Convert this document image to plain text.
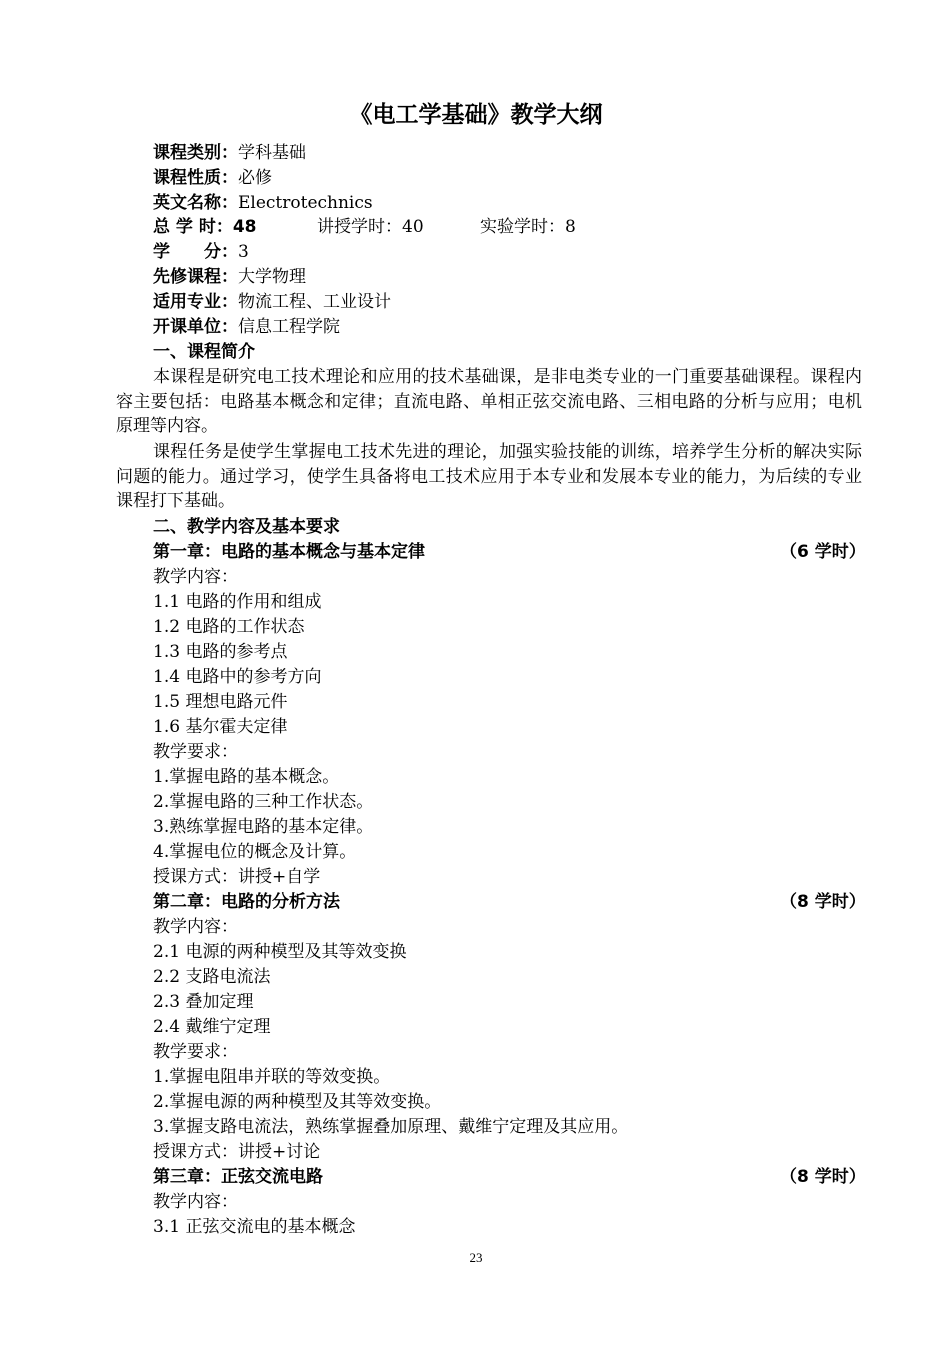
《电工学基础》教学大纲
课程类别：学科基础
课程性质：必修
英文名称：Electrotechnics
总 学 时：48	讲授学时：40	实验学时：8
学　　分：3
先修课程：大学物理
适用专业：物流工程、工业设计
开课单位：信息工程学院
一、课程简介
本课程是研究电工技术理论和应用的技术基础课，是非电类专业的一门重要基础课程。课程内容主要包括：电路基本概念和定律；直流电路、单相正弦交流电路、三相电路的分析与应用；电机原理等内容。
课程任务是使学生掌握电工技术先进的理论，加强实验技能的训练，培养学生分析的解决实际问题的能力。通过学习，使学生具备将电工技术应用于本专业和发展本专业的能力，为后续的专业课程打下基础。
二、教学内容及基本要求
第一章：电路的基本概念与基本定律	（6 学时）
教学内容：
1.1 电路的作用和组成
1.2 电路的工作状态
1.3 电路的参考点
1.4 电路中的参考方向
1.5 理想电路元件
1.6 基尔霍夫定律
教学要求：
1.掌握电路的基本概念。
2.掌握电路的三种工作状态。
3.熟练掌握电路的基本定律。
4.掌握电位的概念及计算。
授课方式：讲授+自学
第二章：电路的分析方法	（8 学时）
教学内容：
2.1 电源的两种模型及其等效变换
2.2 支路电流法
2.3 叠加定理
2.4 戴维宁定理
教学要求：
1.掌握电阻串并联的等效变换。
2.掌握电源的两种模型及其等效变换。
3.掌握支路电流法，熟练掌握叠加原理、戴维宁定理及其应用。
授课方式：讲授+讨论
第三章：正弦交流电路	（8 学时）
教学内容：
3.1 正弦交流电的基本概念
23
